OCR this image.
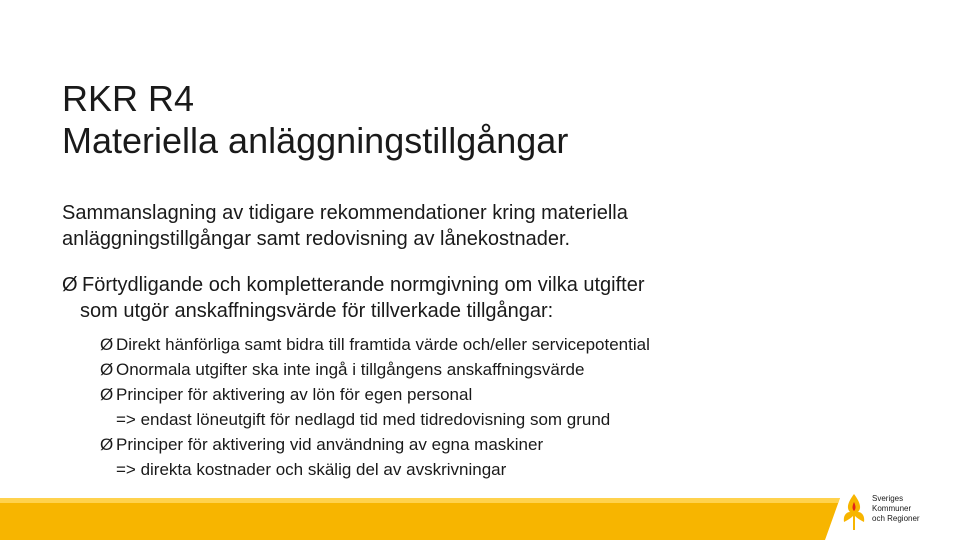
RKR R4
Materiella anläggningstillgångar
Sammanslagning av tidigare rekommendationer kring materiella
anläggningstillgångar samt redovisning av lånekostnader.
Ø Förtydligande och kompletterande normgivning om vilka utgifter
som utgör anskaffningsvärde för tillverkade tillgångar:
Ø Direkt hänförliga samt bidra till framtida värde och/eller servicepotential
Ø Onormala utgifter ska inte ingå i tillgångens anskaffningsvärde
Ø Principer för aktivering av lön för egen personal
=> endast löneutgift för nedlagd tid med tidredovisning som grund
Ø Principer för aktivering vid användning av egna maskiner
=> direkta kostnader och skälig del av avskrivningar
Sveriges
Kommuner
och Regioner
